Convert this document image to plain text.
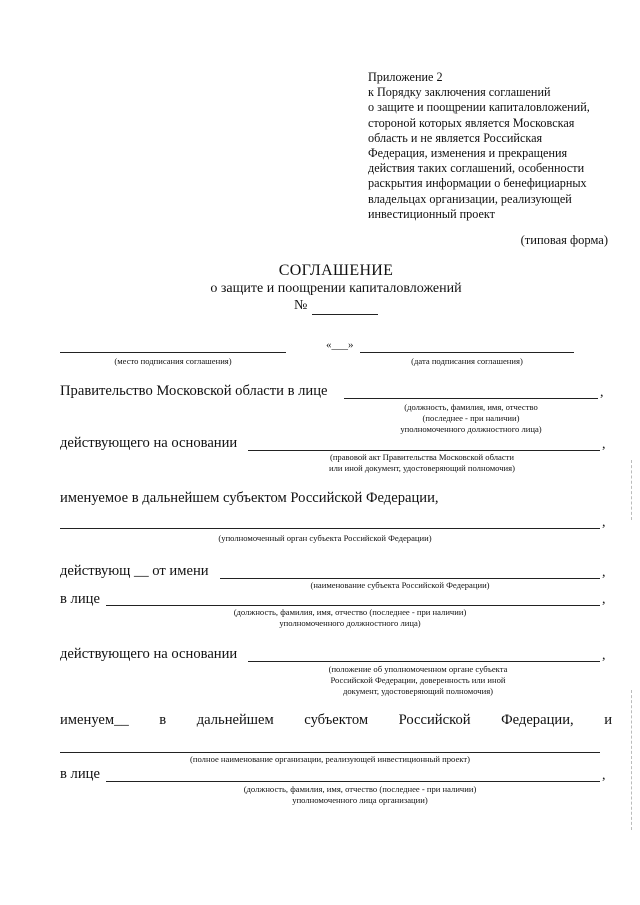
Приложение 2
к Порядку заключения соглашений
о защите и поощрении капиталовложений,
стороной которых является Московская
область и не является Российская
Федерация, изменения и прекращения
действия таких соглашений, особенности
раскрытия информации о бенефициарных
владельцах организации, реализующей
инвестиционный проект
(типовая форма)
СОГЛАШЕНИЕ
о защите и поощрении капиталовложений
№
(место подписания соглашения)
«___»
(дата подписания соглашения)
Правительство Московской области в лице	,
(должность, фамилия, имя, отчество
(последнее - при наличии)
уполномоченного должностного лица)
действующего на основании	,
(правовой акт Правительства Московской области
или иной документ, удостоверяющий полномочия)
именуемое в дальнейшем субъектом Российской Федерации,
,
(уполномоченный орган субъекта Российской Федерации)
действующ __ от имени	,
(наименование субъекта Российской Федерации)
в лице	,
(должность, фамилия, имя, отчество (последнее - при наличии)
уполномоченного должностного лица)
действующего на основании	,
(положение об уполномоченном органе субъекта
Российской Федерации, доверенность или иной
документ, удостоверяющий полномочия)
именуем__ в дальнейшем субъектом Российской Федерации, и
(полное наименование организации, реализующей инвестиционный проект)
в лице	,
(должность, фамилия, имя, отчество (последнее - при наличии)
уполномоченного лица организации)
